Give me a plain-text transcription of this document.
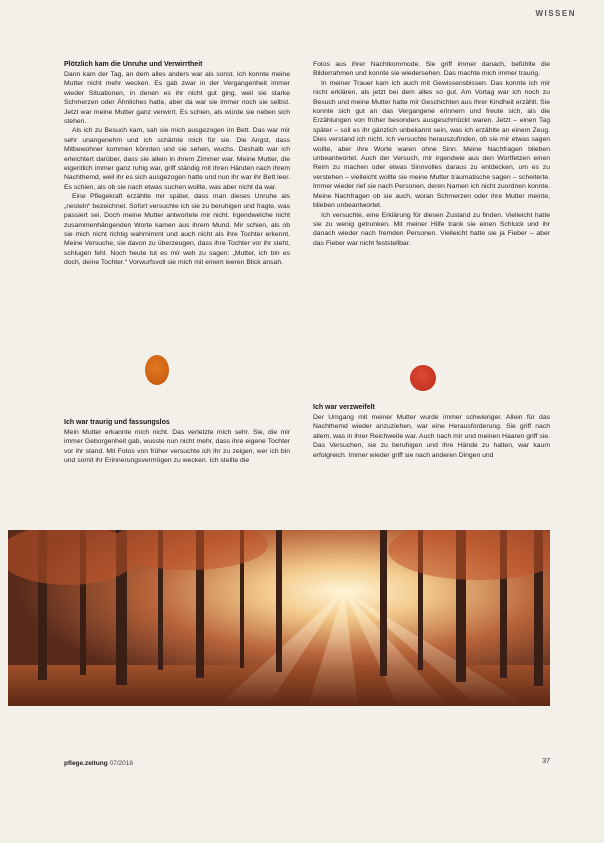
WISSEN
Plötzlich kam die Unruhe und Verwirrtheit

Dann kam der Tag, an dem alles anders war als sonst. Ich konnte meine Mutter nicht mehr wecken. Es gab zwar in der Vergangenheit immer wieder Situationen, in denen es ihr nicht gut ging, weil sie starke Schmerzen oder Ähnliches hatte, aber da war sie immer noch sie selbst. Jetzt war meine Mutter ganz verwirrt. Es schien, als würde sie neben sich stehen.

Als ich zu Besuch kam, sah sie mich ausgezogen im Bett. Das war mir sehr unangenehm und ich schämte mich für sie. Die Angst, dass Mitbewohner kommen könnten und sie sehen, wuchs. Deshalb war ich erleichtert darüber, dass sie allein in ihrem Zimmer war. Meine Mutter, die eigentlich immer ganz ruhig war, griff ständig mit ihren Händen nach ihrem Nachthemd, weil ihr es sich ausgezogen hatte und nun ihr war ihr Bett leer. Es schien, als ob sie nach etwas suchen wollte, was aber nicht da war.

Eine Pflegekraft erzählte mir später, dass man dieses Unruhe als „nesteln“ bezeichnet. Sofort versuchte ich sie zu beruhigen und fragte, was passiert sei. Doch meine Mutter antwortete mir nicht. Irgendwelche nicht zusammenhängenden Worte kamen aus ihrem Mund. Mir schien, als ob sie mich nicht richtig wahrnimmt und auch nicht als ihre Tochter erkennt. Meine Versuche, sie davon zu überzeugen, dass ihre Tochter vor ihr steht, schlugen fehl. Noch heute tut es mir weh zu sagen: „Mutter, ich bin es doch, deine Tochter.“ Vorwurfsvoll sie mich mit einem leeren Blick ansah.

Fotos aus ihrer Nachtkommode. Sie griff immer danach, befühlte die Bilderrahmen und konnte sie wiedersehen. Das machte mich immer traurig.

In meiner Trauer kam ich auch mit Gewissensbissen. Das konnte ich mir nicht erklären, als jetzt bei dem alles so gut. Am Vortag war ich noch zu Besuch und meine Mutter hatte mir Geschichten aus ihrer Kindheit erzählt. Sie konnte sich gut an das Vergangene erinnern und freute sich, als die Erzählungen von früher besonders ausgeschmückt waren. Jetzt – einen Tag später – soll es ihr gänzlich unbekannt sein, was ich erzählte an einem Zeug. Dies verstand ich nicht. Ich versuchte herauszufinden, ob sie mir etwas sagen wollte, aber ihre Worte waren ohne Sinn. Meine Nachfragen blieben unbeantwortet. Auch der Versuch, mir irgendwie aus den Wortfetzen einen Reim zu machen oder etwas Sinnvolles daraus zu entdecken, um es zu verstehen – vielleicht wollte sie meine Mutter traumatische sagen – scheiterte. Immer wieder rief sie nach Personen, deren Namen ich nicht zuordnen konnte. Meine Nachfragen ob sie auch, woran Schmerzen oder ihre Mutter meinte, blieben unbeantwortet.

Ich versuchte, eine Erklärung für diesen Zustand zu finden. Vielleicht hatte sie zu wenig getrunken. Mit meiner Hilfe trank sie einen Schluck und ihr danach wieder nach fremden Personen. Vielleicht hatte sie ja Fieber – aber das Fieber war nicht feststellbar.

Ich war traurig und fassungslos

Mein Mutter erkannte mich nicht. Das verletzte mich sehr. Sie, die mir immer Geborgenheit gab, wusste nun nicht mehr, dass ihre eigene Tochter vor ihr stand. Mit Fotos von früher versuchte ich ihr zu zeigen, wer ich bin und somit ihr Erinnerungsvermögen zu wecken. Ich stellte die

Ich war verzweifelt

Der Umgang mit meiner Mutter wurde immer schwieriger. Allein für das Nachthemd wieder anzuziehen, war eine Herausforderung. Sie griff nach allem, was in ihrer Reichweite war. Auch nach mir und meinen Haaren griff sie. Das Versuchen, sie zu beruhigen und ihre Hände zu halten, war kaum erfolgreich. Immer wieder griff sie nach anderen Dingen und

pflege.zeitung 07/2018	37
